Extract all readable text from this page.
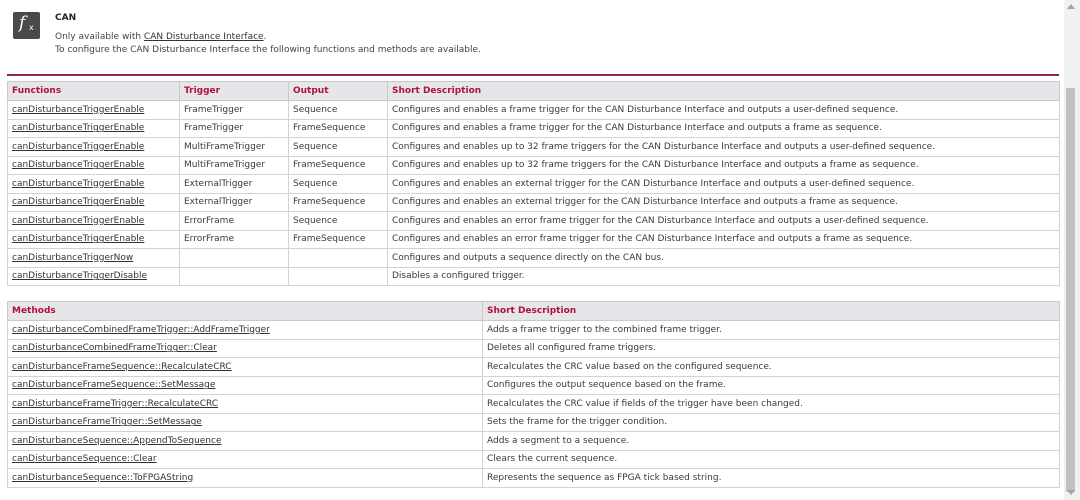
f x
CAN
Only available with CAN Disturbance Interface.
To configure the CAN Disturbance Interface the following functions and methods are available.
Functions	Trigger	Output	Short Description
canDisturbanceTriggerEnable	FrameTrigger	Sequence	Configures and enables a frame trigger for the CAN Disturbance Interface and outputs a user-defined sequence.
canDisturbanceTriggerEnable	FrameTrigger	FrameSequence	Configures and enables a frame trigger for the CAN Disturbance Interface and outputs a frame as sequence.
canDisturbanceTriggerEnable	MultiFrameTrigger	Sequence	Configures and enables up to 32 frame triggers for the CAN Disturbance Interface and outputs a user-defined sequence.
canDisturbanceTriggerEnable	MultiFrameTrigger	FrameSequence	Configures and enables up to 32 frame triggers for the CAN Disturbance Interface and outputs a frame as sequence.
canDisturbanceTriggerEnable	ExternalTrigger	Sequence	Configures and enables an external trigger for the CAN Disturbance Interface and outputs a user-defined sequence.
canDisturbanceTriggerEnable	ExternalTrigger	FrameSequence	Configures and enables an external trigger for the CAN Disturbance Interface and outputs a frame as sequence.
canDisturbanceTriggerEnable	ErrorFrame	Sequence	Configures and enables an error frame trigger for the CAN Disturbance Interface and outputs a user-defined sequence.
canDisturbanceTriggerEnable	ErrorFrame	FrameSequence	Configures and enables an error frame trigger for the CAN Disturbance Interface and outputs a frame as sequence.
canDisturbanceTriggerNow			Configures and outputs a sequence directly on the CAN bus.
canDisturbanceTriggerDisable			Disables a configured trigger.
Methods	Short Description
canDisturbanceCombinedFrameTrigger::AddFrameTrigger	Adds a frame trigger to the combined frame trigger.
canDisturbanceCombinedFrameTrigger::Clear	Deletes all configured frame triggers.
canDisturbanceFrameSequence::RecalculateCRC	Recalculates the CRC value based on the configured sequence.
canDisturbanceFrameSequence::SetMessage	Configures the output sequence based on the frame.
canDisturbanceFrameTrigger::RecalculateCRC	Recalculates the CRC value if fields of the trigger have been changed.
canDisturbanceFrameTrigger::SetMessage	Sets the frame for the trigger condition.
canDisturbanceSequence::AppendToSequence	Adds a segment to a sequence.
canDisturbanceSequence::Clear	Clears the current sequence.
canDisturbanceSequence::ToFPGAString	Represents the sequence as FPGA tick based string.
